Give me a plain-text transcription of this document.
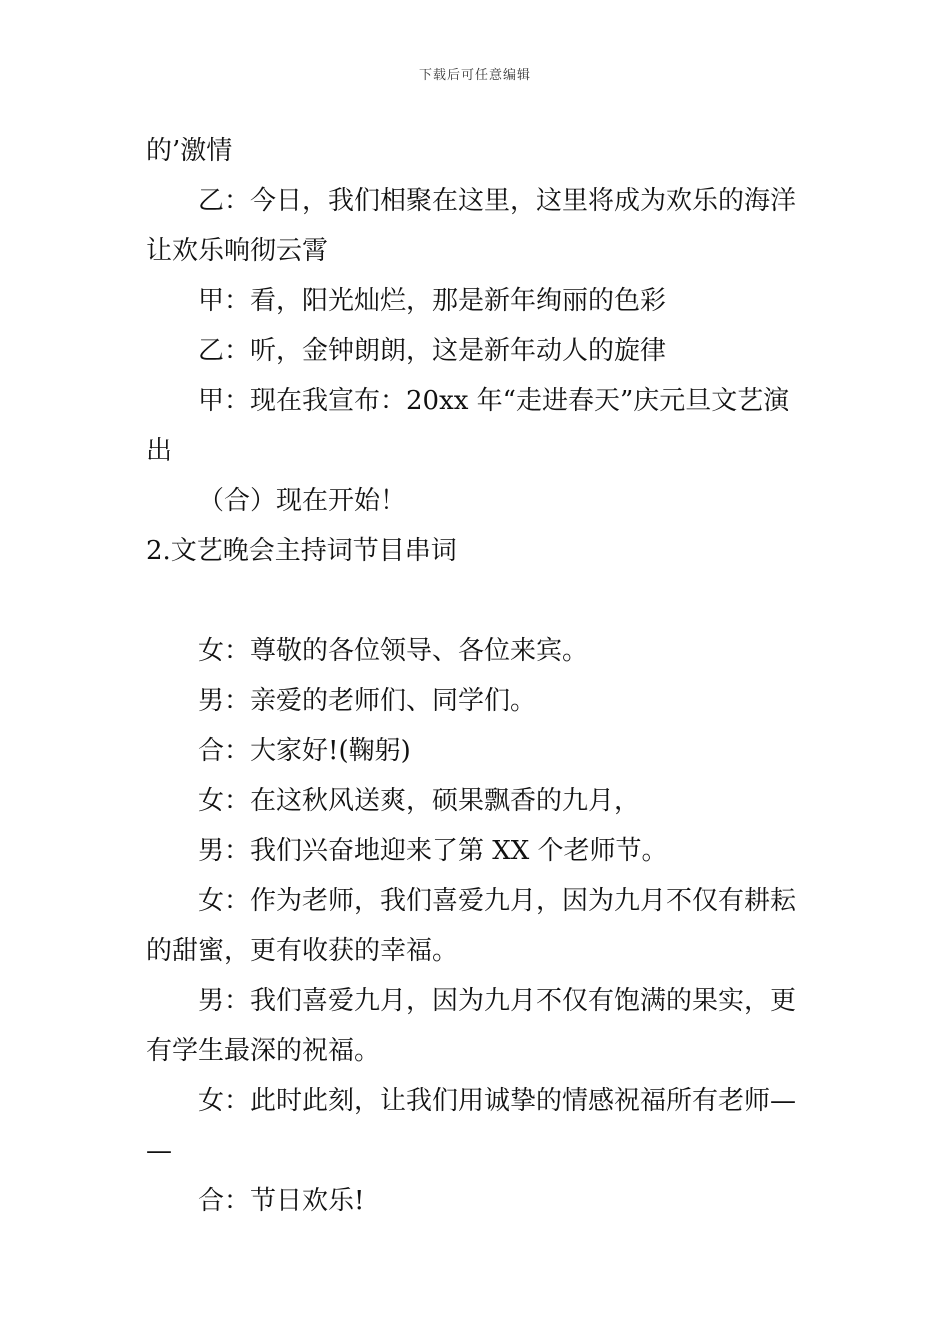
下载后可任意编辑
的’激情
乙：今日，我们相聚在这里，这里将成为欢乐的海洋
让欢乐响彻云霄
甲：看，阳光灿烂，那是新年绚丽的色彩
乙：听，金钟朗朗，这是新年动人的旋律
甲：现在我宣布：20xx 年“走进春天”庆元旦文艺演
出
（合）现在开始！
2.文艺晚会主持词节目串词
女：尊敬的各位领导、各位来宾。
男：亲爱的老师们、同学们。
合：大家好!(鞠躬)
女：在这秋风送爽，硕果飘香的九月，
男：我们兴奋地迎来了第 XX 个老师节。
女：作为老师，我们喜爱九月，因为九月不仅有耕耘
的甜蜜，更有收获的幸福。
男：我们喜爱九月，因为九月不仅有饱满的果实，更
有学生最深的祝福。
女：此时此刻，让我们用诚挚的情感祝福所有老师—
—
合：节日欢乐!
